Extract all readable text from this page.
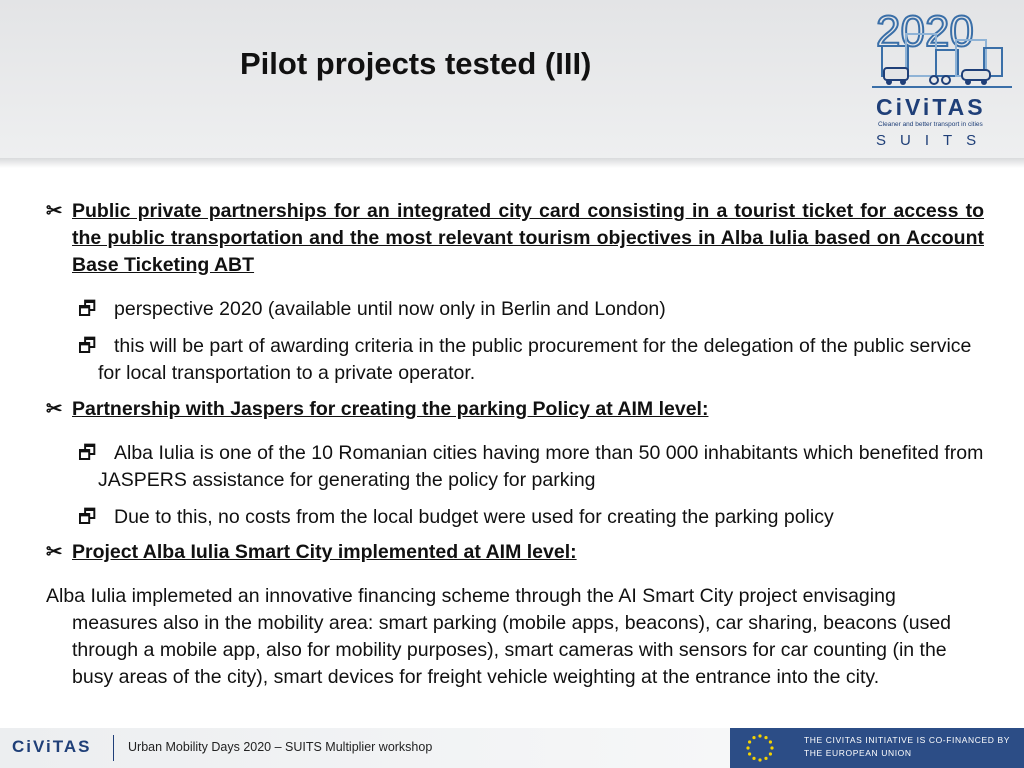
Pilot projects tested (III)
2020
CiViTAS
Cleaner and better transport in cities
SUITS
✂ Public private partnerships for an integrated city card consisting in a tourist ticket for access to the public transportation and the most relevant tourism objectives in Alba Iulia based on Account Base Ticketing ABT
🗗 perspective 2020 (available until now only in Berlin and London)
🗗 this will be part of awarding criteria in the public procurement for the delegation of the public service for local transportation to a private operator.
✂ Partnership with Jaspers for creating the parking Policy at AIM level:
🗗 Alba Iulia is one of the 10 Romanian cities having more than 50 000 inhabitants which benefited from JASPERS assistance for generating the policy for parking
🗗 Due to this, no costs from the local budget were used for creating the parking policy
✂ Project Alba Iulia Smart City implemented at AIM level:
Alba Iulia implemeted an innovative financing scheme through the AI Smart City project envisaging measures also in the mobility area: smart parking (mobile apps, beacons), car sharing, beacons (used through a mobile app, also for mobility purposes), smart cameras with sensors for car counting (in the busy areas of the city), smart devices for freight vehicle weighting at the entrance into the city.
CiViTAS	Urban Mobility Days 2020 – SUITS Multiplier workshop	THE CIVITAS INITIATIVE IS CO-FINANCED BY
THE EUROPEAN UNION
